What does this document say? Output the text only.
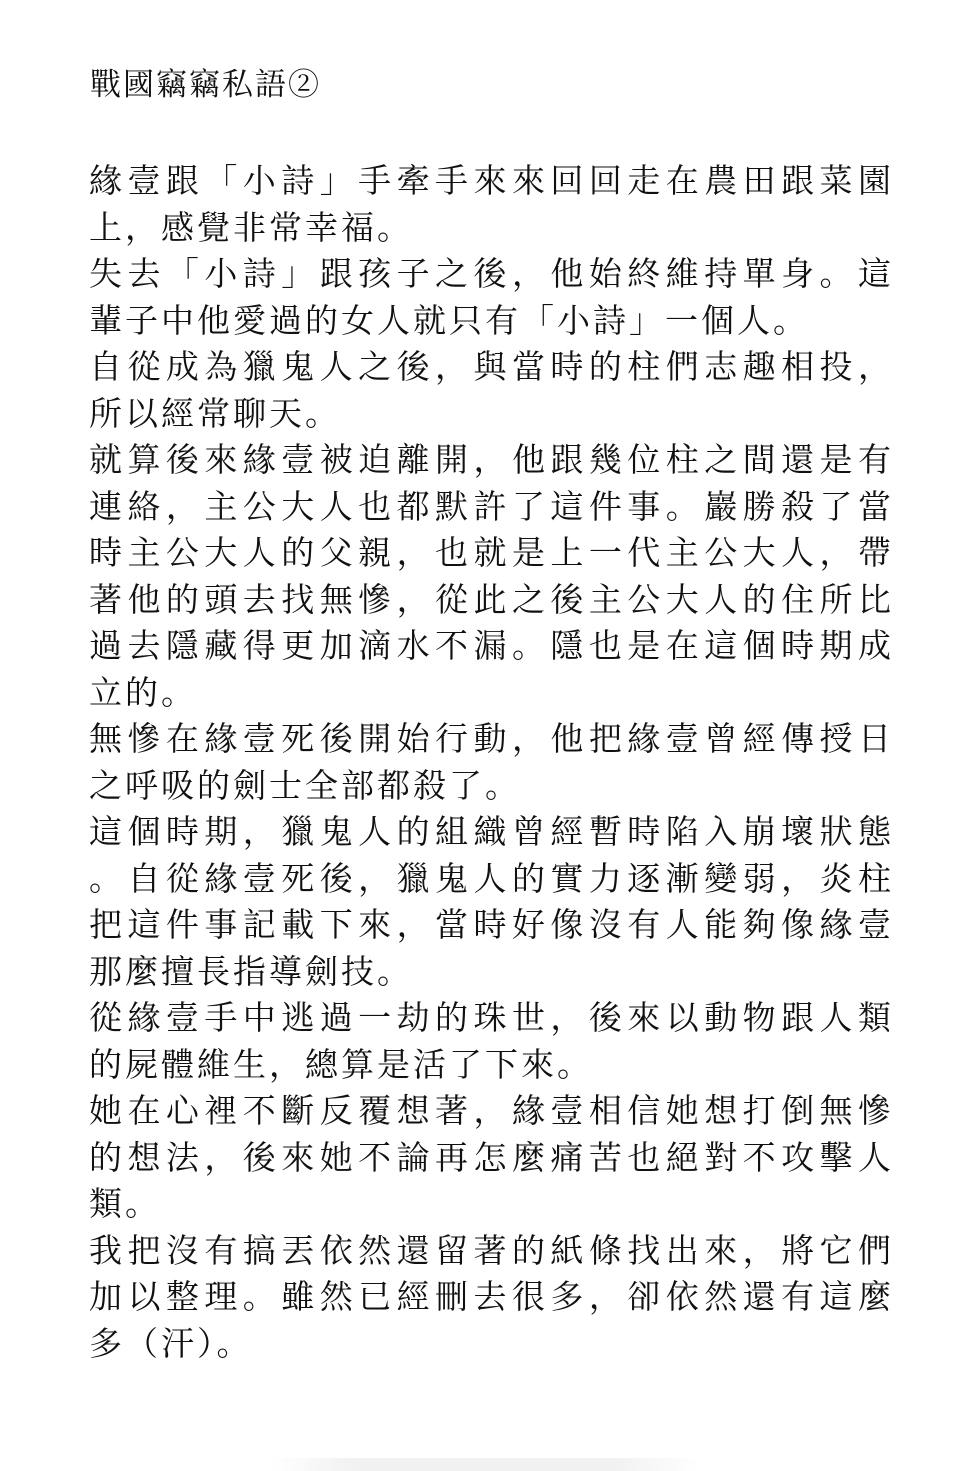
戰國竊竊私語②
緣壹跟「小詩」手牽手來來回回走在農田跟菜園
上，感覺非常幸福。
失去「小詩」跟孩子之後，他始終維持單身。這
輩子中他愛過的女人就只有「小詩」一個人。
自從成為獵鬼人之後，與當時的柱們志趣相投，
所以經常聊天。
就算後來緣壹被迫離開，他跟幾位柱之間還是有
連絡，主公大人也都默許了這件事。巖勝殺了當
時主公大人的父親，也就是上一代主公大人，帶
著他的頭去找無慘，從此之後主公大人的住所比
過去隱藏得更加滴水不漏。隱也是在這個時期成
立的。
無慘在緣壹死後開始行動，他把緣壹曾經傳授日
之呼吸的劍士全部都殺了。
這個時期，獵鬼人的組織曾經暫時陷入崩壞狀態
。自從緣壹死後，獵鬼人的實力逐漸變弱，炎柱
把這件事記載下來，當時好像沒有人能夠像緣壹
那麼擅長指導劍技。
從緣壹手中逃過一劫的珠世，後來以動物跟人類
的屍體維生，總算是活了下來。
她在心裡不斷反覆想著，緣壹相信她想打倒無慘
的想法，後來她不論再怎麼痛苦也絕對不攻擊人
類。
我把沒有搞丟依然還留著的紙條找出來，將它們
加以整理。雖然已經刪去很多，卻依然還有這麼
多（汗）。
